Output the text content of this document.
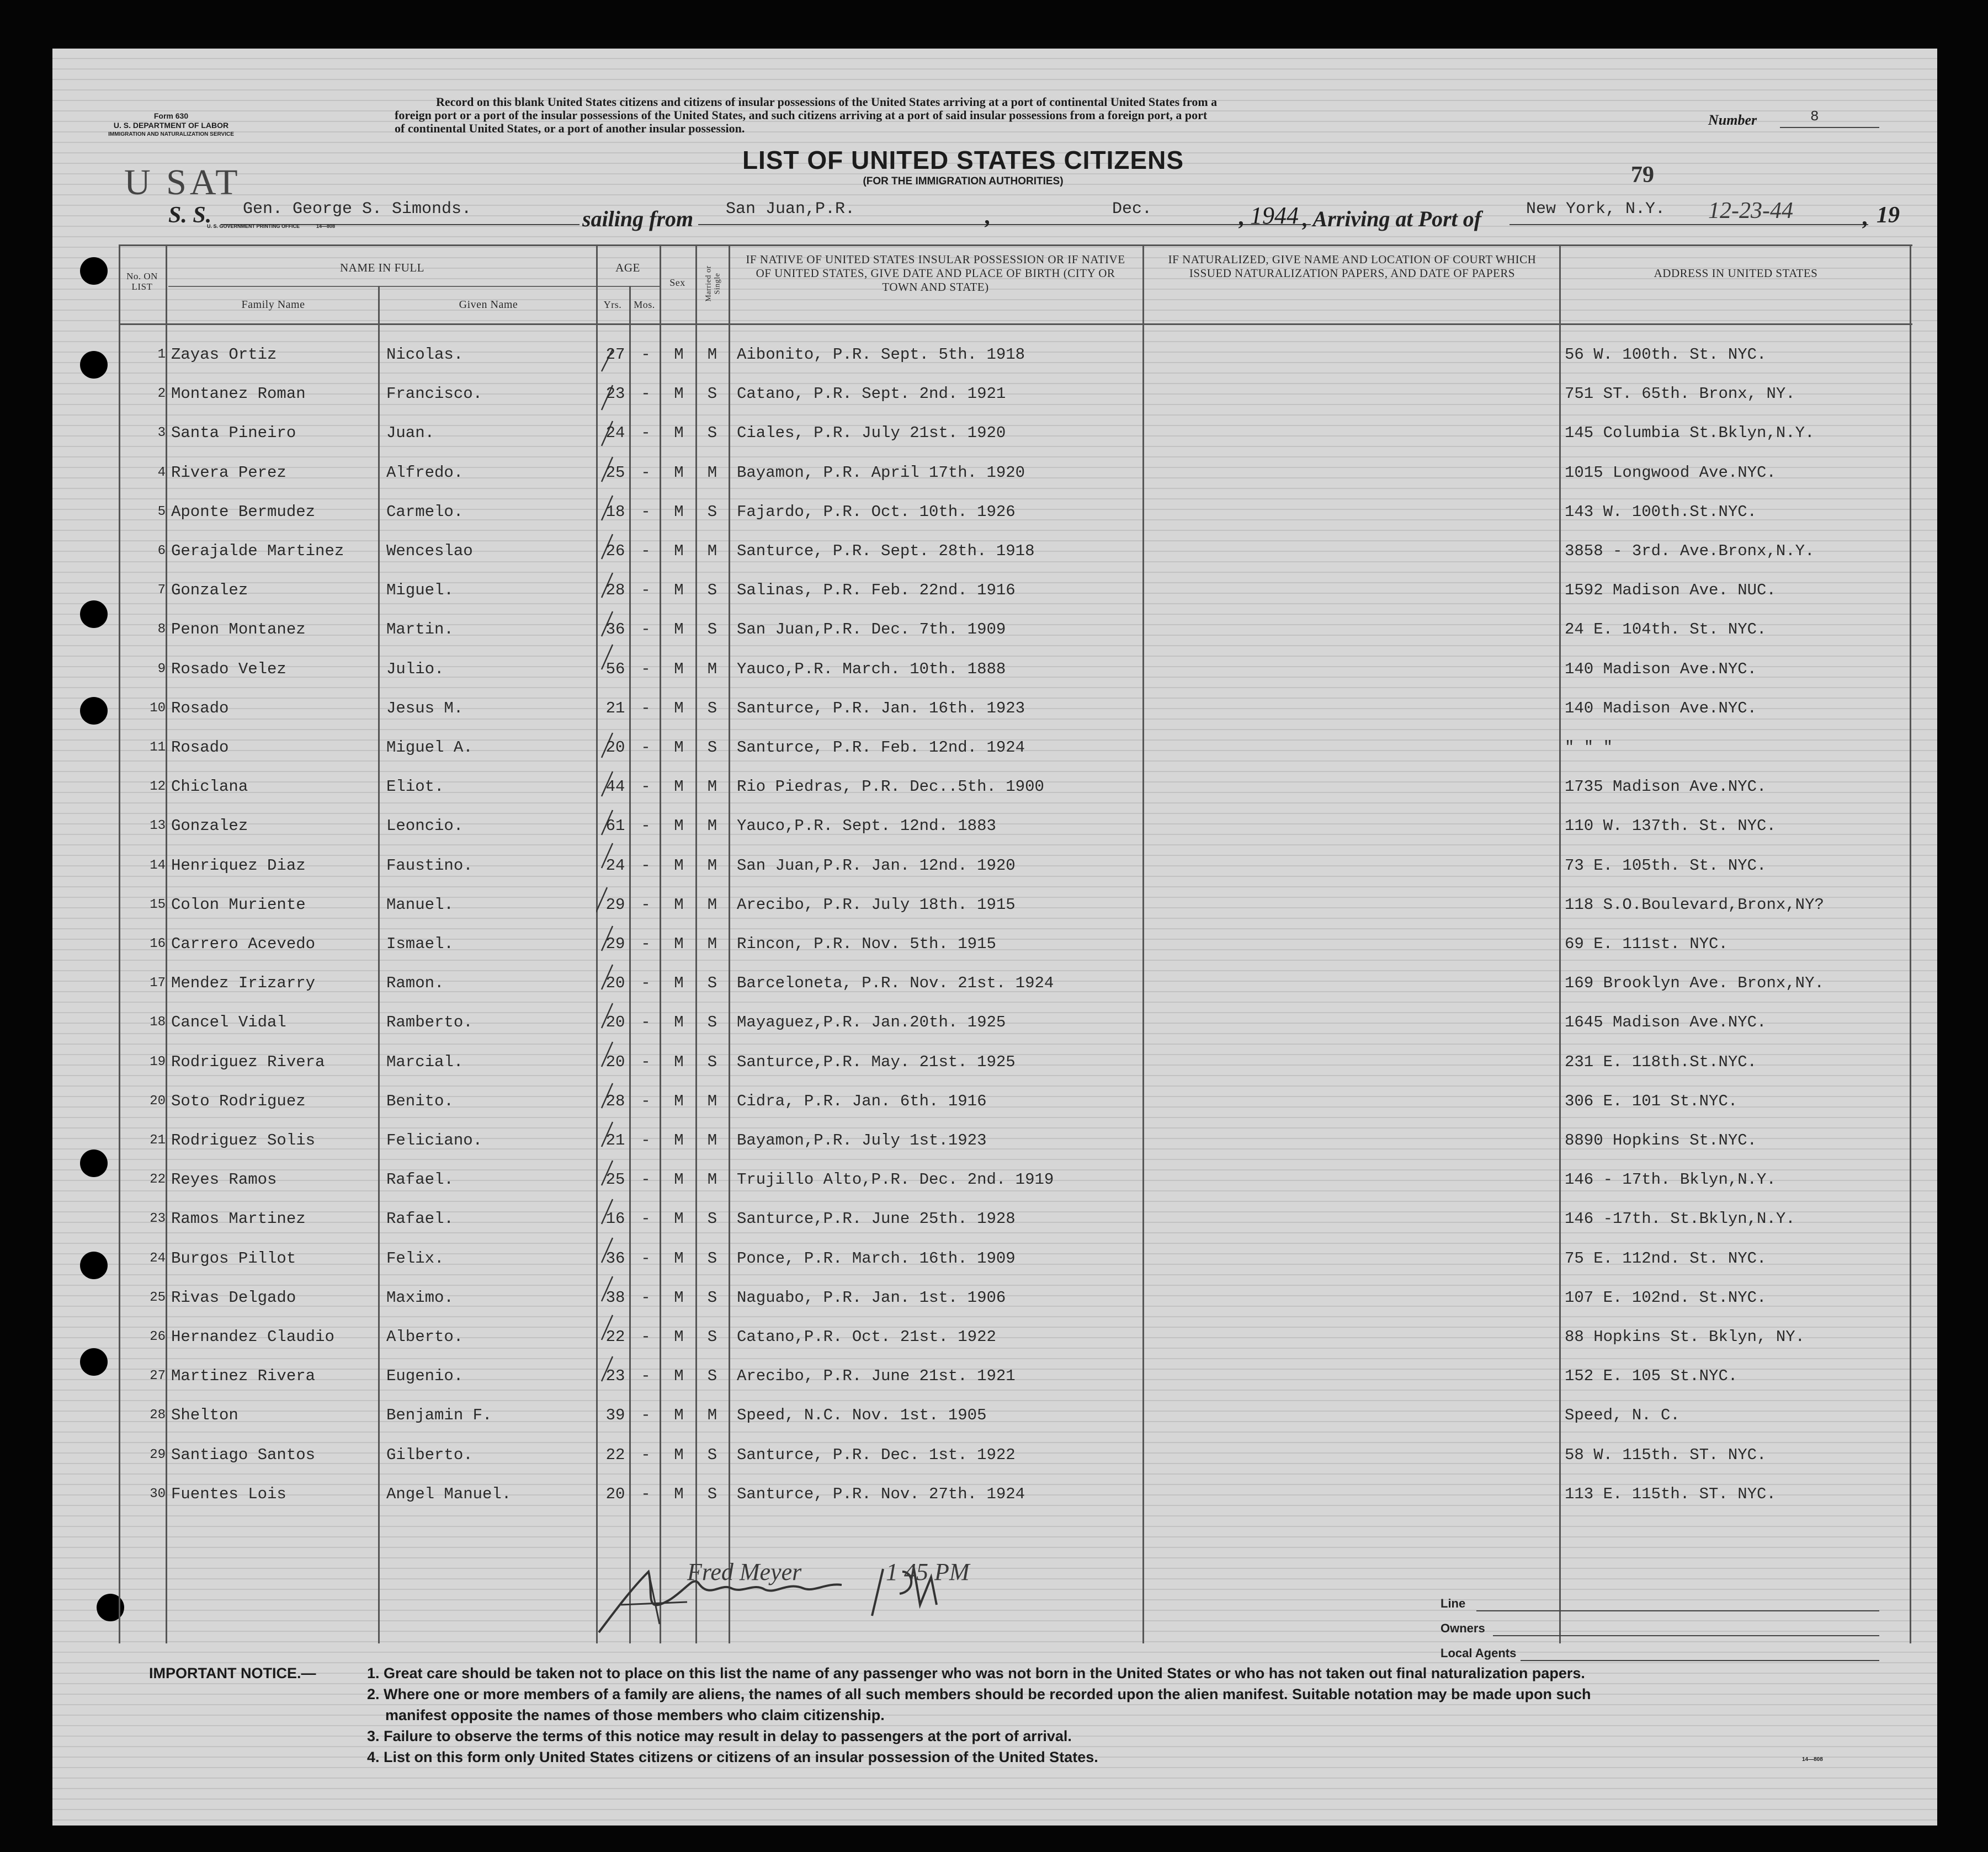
Form 630
U. S. DEPARTMENT OF LABOR
IMMIGRATION AND NATURALIZATION SERVICE
Record on this blank United States citizens and citizens of insular possessions of the United States arriving at a port of continental United States from a
foreign port or a port of the insular possessions of the United States, and such citizens arriving at a port of said insular possessions from a foreign port, a port
of continental United States, or a port of another insular possession.
Number	8
LIST OF UNITED STATES CITIZENS
(FOR THE IMMIGRATION AUTHORITIES)	79
U SAT
S. S. Gen. George S. Simonds.
U. S. GOVERNMENT PRINTING OFFICE	14—808	sailing from San Juan,P.R.	,	Dec.	, 1944 , Arriving at Port of	New York, N.Y. 12-23-44	, 19
No. ON LIST
NAME IN FULL
Family Name	Given Name
AGE
Yrs.	Mos.
Sex	Married or Single
IF NATIVE OF UNITED STATES INSULAR POSSESSION OR IF NATIVE OF UNITED STATES, GIVE DATE AND PLACE OF BIRTH (CITY OR TOWN AND STATE)
IF NATURALIZED, GIVE NAME AND LOCATION OF COURT WHICH ISSUED NATURALIZATION PAPERS, AND DATE OF PAPERS	ADDRESS IN UNITED STATES
1 Zayas Ortiz	Nicolas.	27 -	M	M	Aibonito, P.R. Sept. 5th. 1918	56 W. 100th. St. NYC.
2 Montanez Roman	Francisco.	23 -	M	S	Catano, P.R. Sept. 2nd. 1921	751 ST. 65th. Bronx, NY.
3 Santa Pineiro	Juan.	24 -	M	S	Ciales, P.R. July 21st. 1920	145 Columbia St.Bklyn,N.Y.
4 Rivera Perez	Alfredo.	25 -	M	M	Bayamon, P.R. April 17th. 1920	1015 Longwood Ave.NYC.
5 Aponte Bermudez	Carmelo.	18 -	M	S	Fajardo, P.R. Oct. 10th. 1926	143 W. 100th.St.NYC.
6 Gerajalde Martinez	Wenceslao	26 -	M	M	Santurce, P.R. Sept. 28th. 1918	3858 - 3rd. Ave.Bronx,N.Y.
7 Gonzalez	Miguel.	28 -	M	S	Salinas, P.R. Feb. 22nd. 1916	1592 Madison Ave. NUC.
8 Penon Montanez	Martin.	36 -	M	S	San Juan,P.R. Dec. 7th. 1909	24 E. 104th. St. NYC.
9 Rosado Velez	Julio.	56 -	M	M	Yauco,P.R. March. 10th. 1888	140 Madison Ave.NYC.
10 Rosado	Jesus M.	21 -	M	S	Santurce, P.R. Jan. 16th. 1923	140 Madison Ave.NYC.
11 Rosado	Miguel A.	20 -	M	S	Santurce, P.R. Feb. 12nd. 1924	" " "
12 Chiclana	Eliot.	44 -	M	M	Rio Piedras, P.R. Dec..5th. 1900	1735 Madison Ave.NYC.
13 Gonzalez	Leoncio.	61 -	M	M	Yauco,P.R. Sept. 12nd. 1883	110 W. 137th. St. NYC.
14 Henriquez Diaz	Faustino.	24 -	M	M	San Juan,P.R. Jan. 12nd. 1920	73 E. 105th. St. NYC.
15 Colon Muriente	Manuel.	29 -	M	M	Arecibo, P.R. July 18th. 1915	118 S.O.Boulevard,Bronx,NY?
16 Carrero Acevedo	Ismael.	29 -	M	M	Rincon, P.R. Nov. 5th. 1915	69 E. 111st. NYC.
17 Mendez Irizarry	Ramon.	20 -	M	S	Barceloneta, P.R. Nov. 21st. 1924	169 Brooklyn Ave. Bronx,NY.
18 Cancel Vidal	Ramberto.	20 -	M	S	Mayaguez,P.R. Jan.20th. 1925	1645 Madison Ave.NYC.
19 Rodriguez Rivera	Marcial.	20 -	M	S	Santurce,P.R. May. 21st. 1925	231 E. 118th.St.NYC.
20 Soto Rodriguez	Benito.	28 -	M	M	Cidra, P.R. Jan. 6th. 1916	306 E. 101 St.NYC.
21 Rodriguez Solis	Feliciano.	21 -	M	M	Bayamon,P.R. July 1st.1923	8890 Hopkins St.NYC.
22 Reyes Ramos	Rafael.	25 -	M	M	Trujillo Alto,P.R. Dec. 2nd. 1919	146 - 17th. Bklyn,N.Y.
23 Ramos Martinez	Rafael.	16 -	M	S	Santurce,P.R. June 25th. 1928	146 -17th. St.Bklyn,N.Y.
24 Burgos Pillot	Felix.	36 -	M	S	Ponce, P.R. March. 16th. 1909	75 E. 112nd. St. NYC.
25 Rivas Delgado	Maximo.	38 -	M	S	Naguabo, P.R. Jan. 1st. 1906	107 E. 102nd. St.NYC.
26 Hernandez Claudio	Alberto.	22 -	M	S	Catano,P.R. Oct. 21st. 1922	88 Hopkins St. Bklyn, NY.
27 Martinez Rivera	Eugenio.	23 -	M	S	Arecibo, P.R. June 21st. 1921	152 E. 105 St.NYC.
28 Shelton	Benjamin F.	39 -	M	M	Speed, N.C. Nov. 1st. 1905	Speed, N. C.
29 Santiago Santos	Gilberto.	22 -	M	S	Santurce, P.R. Dec. 1st. 1922	58 W. 115th. ST. NYC.
30 Fuentes Lois	Angel Manuel.	20 -	M	S	Santurce, P.R. Nov. 27th. 1924	113 E. 115th. ST. NYC.
Fred Meyer	1 45 PM
Line
Owners
Local Agents
IMPORTANT NOTICE.—	1. Great care should be taken not to place on this list the name of any passenger who was not born in the United States or who has not taken out final naturalization papers.
2. Where one or more members of a family are aliens, the names of all such members should be recorded upon the alien manifest. Suitable notation may be made upon such
manifest opposite the names of those members who claim citizenship.
3. Failure to observe the terms of this notice may result in delay to passengers at the port of arrival.
4. List on this form only United States citizens or citizens of an insular possession of the United States.	14—808
